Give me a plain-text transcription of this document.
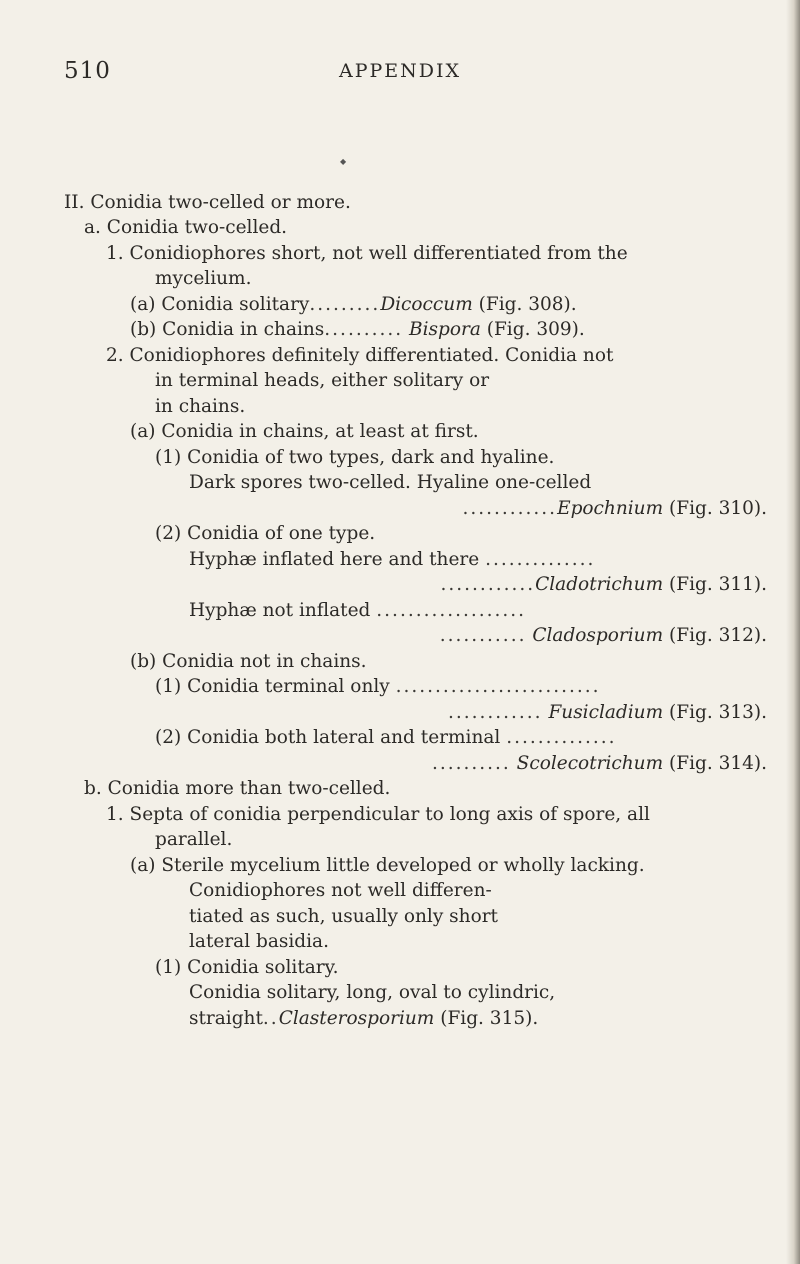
510	APPENDIX
◆
II. Conidia two-celled or more.
a. Conidia two-celled.
1. Conidiophores short, not well differentiated from the
mycelium.
(a) Conidia solitary.........Dicoccum (Fig. 308).
(b) Conidia in chains.......... Bispora (Fig. 309).
2. Conidiophores definitely differentiated. Conidia not
in terminal heads, either solitary or
in chains.
(a) Conidia in chains, at least at first.
(1) Conidia of two types, dark and hyaline.
Dark spores two-celled. Hyaline one-celled
............Epochnium (Fig. 310).
(2) Conidia of one type.
Hyphæ inflated here and there ..............
............Cladotrichum (Fig. 311).
Hyphæ not inflated ...................
........... Cladosporium (Fig. 312).
(b) Conidia not in chains.
(1) Conidia terminal only ..........................
............ Fusicladium (Fig. 313).
(2) Conidia both lateral and terminal ..............
.......... Scolecotrichum (Fig. 314).
b. Conidia more than two-celled.
1. Septa of conidia perpendicular to long axis of spore, all
parallel.
(a) Sterile mycelium little developed or wholly lacking.
Conidiophores not well differen-
tiated as such, usually only short
lateral basidia.
(1) Conidia solitary.
Conidia solitary, long, oval to cylindric,
straight..Clasterosporium (Fig. 315).
